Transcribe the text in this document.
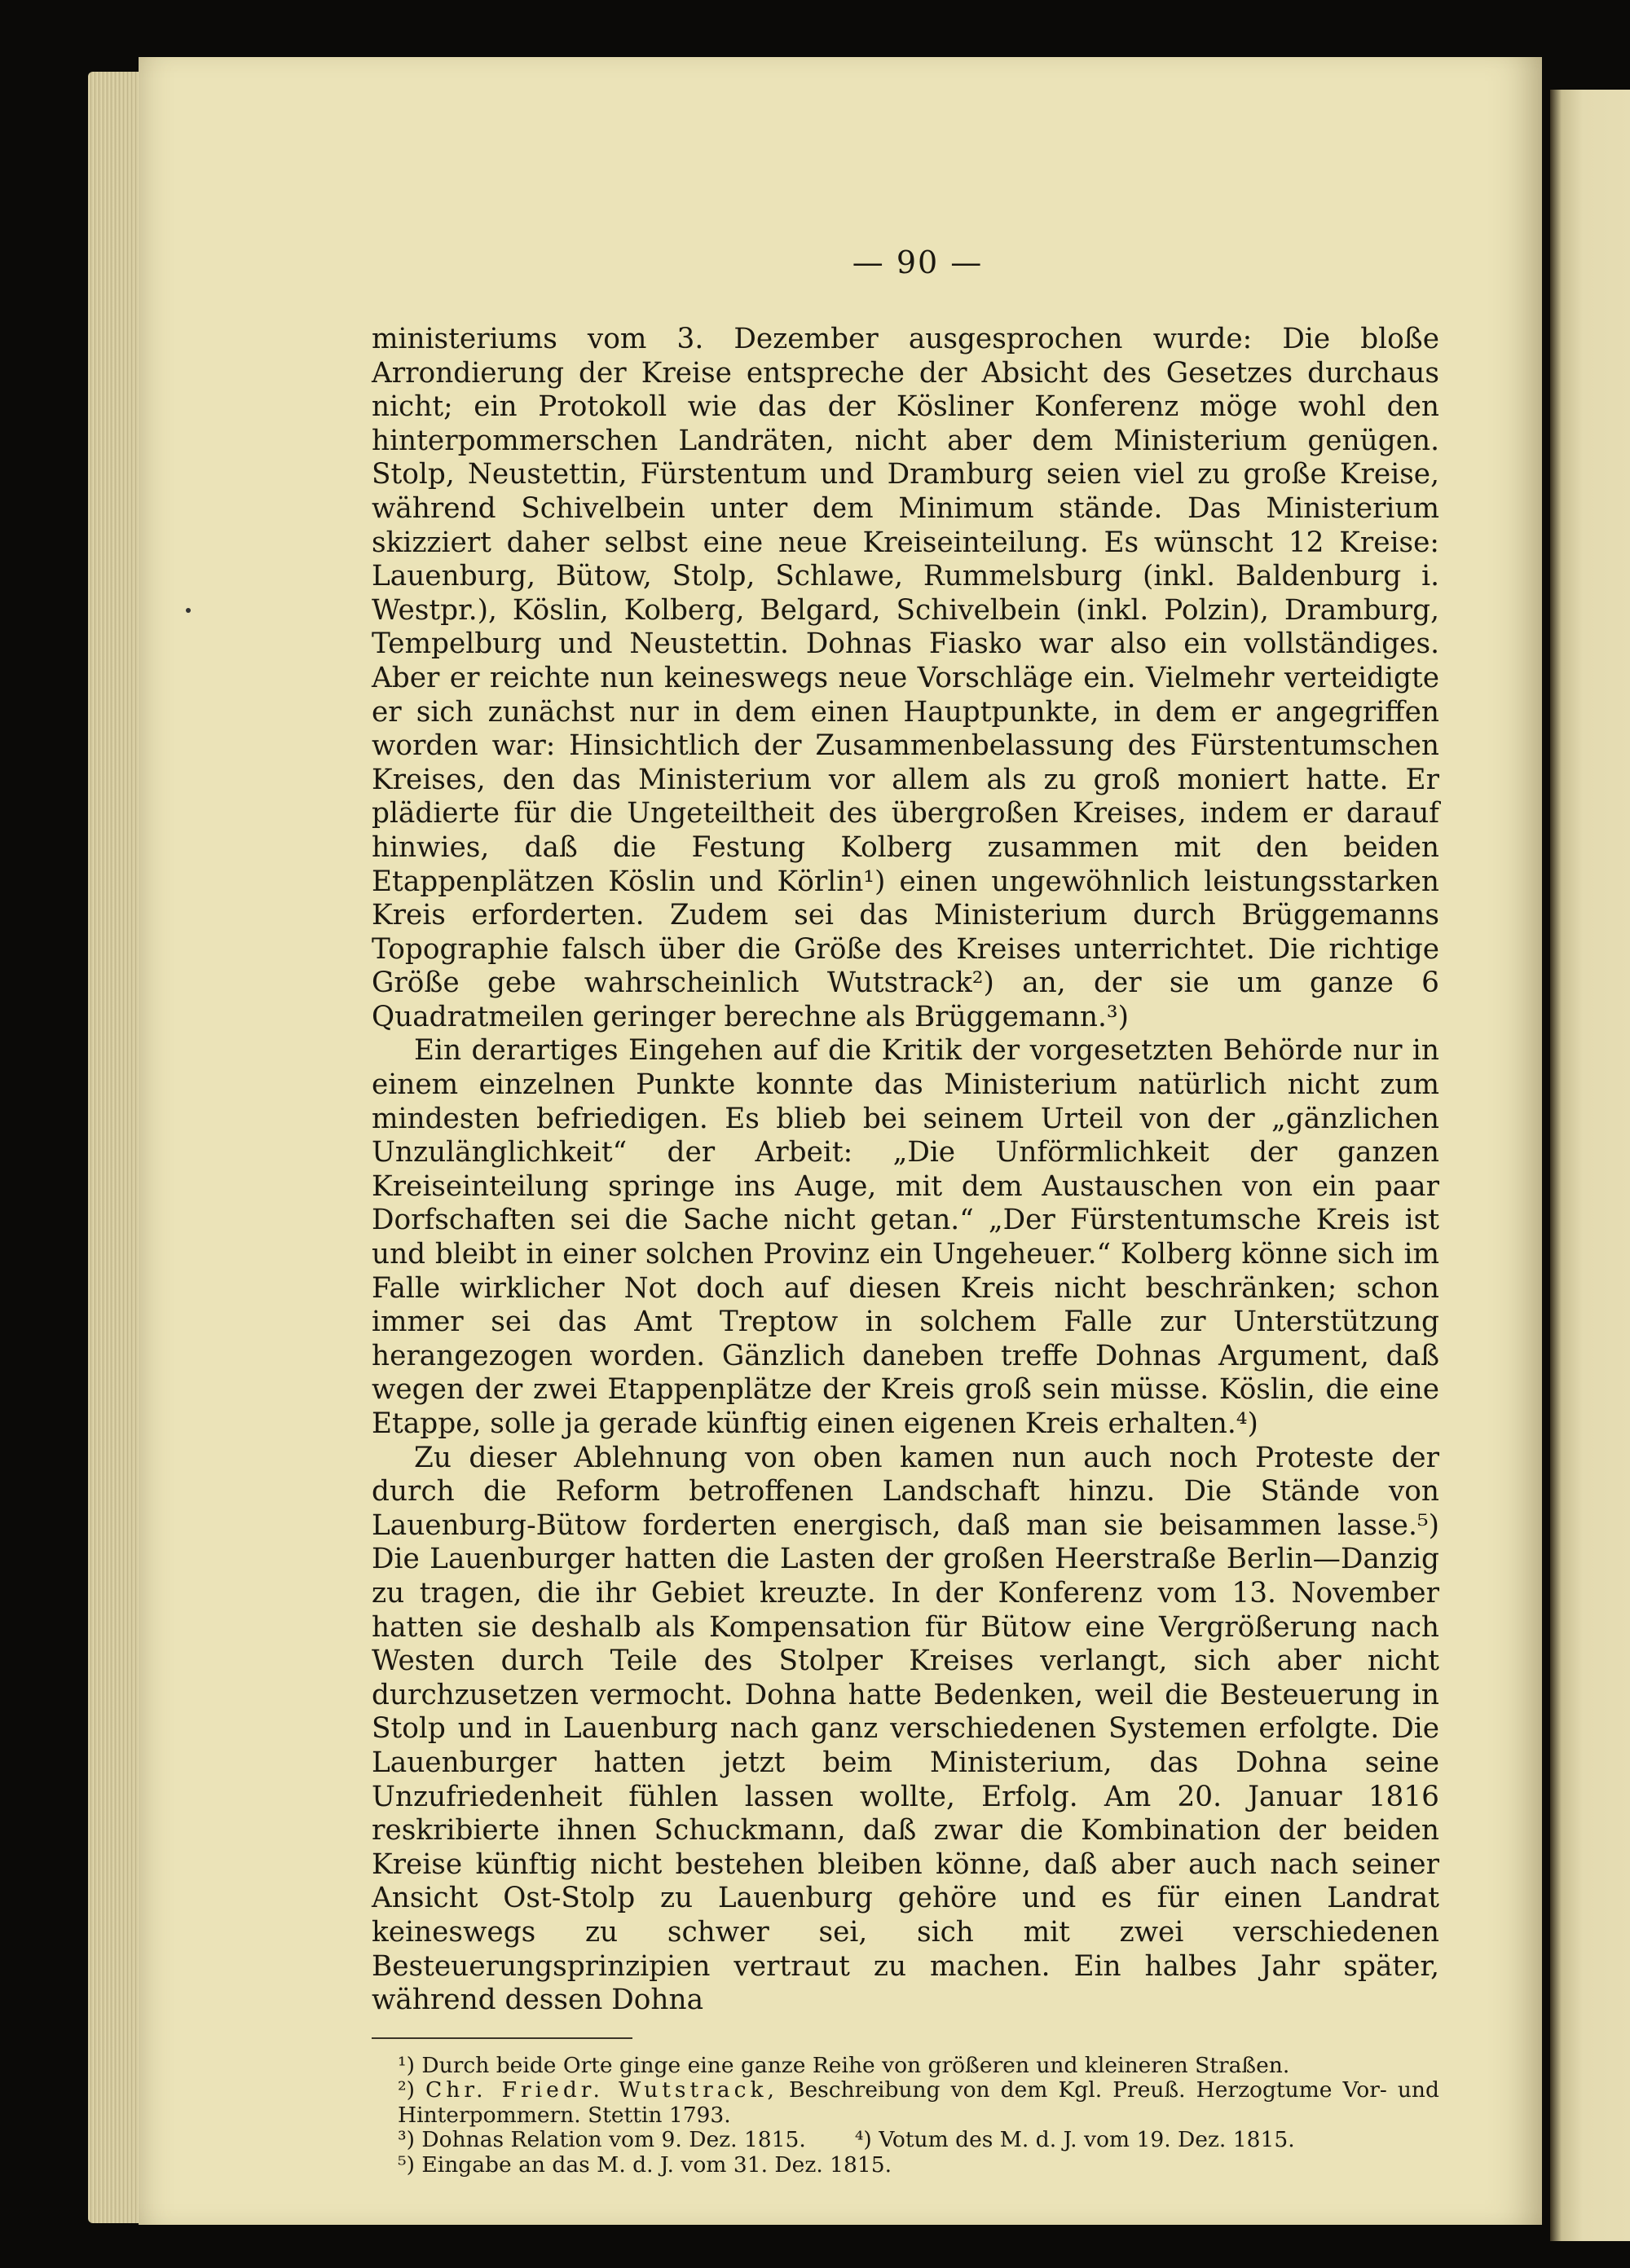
— 90 —

ministeriums vom 3. Dezember ausgesprochen wurde: Die bloße Arrondierung der Kreise entspreche der Absicht des Gesetzes durchaus nicht; ein Protokoll wie das der Kösliner Konferenz möge wohl den hinterpommerschen Landräten, nicht aber dem Ministerium genügen. Stolp, Neustettin, Fürstentum und Dramburg seien viel zu große Kreise, während Schivelbein unter dem Minimum stände. Das Ministerium skizziert daher selbst eine neue Kreiseinteilung. Es wünscht 12 Kreise: Lauenburg, Bütow, Stolp, Schlawe, Rummelsburg (inkl. Baldenburg i. Westpr.), Köslin, Kolberg, Belgard, Schivelbein (inkl. Polzin), Dramburg, Tempelburg und Neustettin. Dohnas Fiasko war also ein vollständiges. Aber er reichte nun keineswegs neue Vorschläge ein. Vielmehr verteidigte er sich zunächst nur in dem einen Hauptpunkte, in dem er angegriffen worden war: Hinsichtlich der Zusammenbelassung des Fürstentumschen Kreises, den das Ministerium vor allem als zu groß moniert hatte. Er plädierte für die Ungeteiltheit des übergroßen Kreises, indem er darauf hinwies, daß die Festung Kolberg zusammen mit den beiden Etappenplätzen Köslin und Körlin¹) einen ungewöhnlich leistungsstarken Kreis erforderten. Zudem sei das Ministerium durch Brüggemanns Topographie falsch über die Größe des Kreises unterrichtet. Die richtige Größe gebe wahrscheinlich Wutstrack²) an, der sie um ganze 6 Quadratmeilen geringer berechne als Brüggemann.³)

Ein derartiges Eingehen auf die Kritik der vorgesetzten Behörde nur in einem einzelnen Punkte konnte das Ministerium natürlich nicht zum mindesten befriedigen. Es blieb bei seinem Urteil von der „gänzlichen Unzulänglichkeit“ der Arbeit: „Die Unförmlichkeit der ganzen Kreiseinteilung springe ins Auge, mit dem Austauschen von ein paar Dorfschaften sei die Sache nicht getan.“ „Der Fürstentumsche Kreis ist und bleibt in einer solchen Provinz ein Ungeheuer.“ Kolberg könne sich im Falle wirklicher Not doch auf diesen Kreis nicht beschränken; schon immer sei das Amt Treptow in solchem Falle zur Unterstützung herangezogen worden. Gänzlich daneben treffe Dohnas Argument, daß wegen der zwei Etappenplätze der Kreis groß sein müsse. Köslin, die eine Etappe, solle ja gerade künftig einen eigenen Kreis erhalten.⁴)

Zu dieser Ablehnung von oben kamen nun auch noch Proteste der durch die Reform betroffenen Landschaft hinzu. Die Stände von Lauenburg-Bütow forderten energisch, daß man sie beisammen lasse.⁵) Die Lauenburger hatten die Lasten der großen Heerstraße Berlin—Danzig zu tragen, die ihr Gebiet kreuzte. In der Konferenz vom 13. November hatten sie deshalb als Kompensation für Bütow eine Vergrößerung nach Westen durch Teile des Stolper Kreises verlangt, sich aber nicht durchzusetzen vermocht. Dohna hatte Bedenken, weil die Besteuerung in Stolp und in Lauenburg nach ganz verschiedenen Systemen erfolgte. Die Lauenburger hatten jetzt beim Ministerium, das Dohna seine Unzufriedenheit fühlen lassen wollte, Erfolg. Am 20. Januar 1816 reskribierte ihnen Schuckmann, daß zwar die Kombination der beiden Kreise künftig nicht bestehen bleiben könne, daß aber auch nach seiner Ansicht Ost-Stolp zu Lauenburg gehöre und es für einen Landrat keineswegs zu schwer sei, sich mit zwei verschiedenen Besteuerungsprinzipien vertraut zu machen. Ein halbes Jahr später, während dessen Dohna

¹) Durch beide Orte ginge eine ganze Reihe von größeren und kleineren Straßen.

²) Chr. Friedr. Wutstrack, Beschreibung von dem Kgl. Preuß. Herzogtume Vor- und Hinterpommern. Stettin 1793.

³) Dohnas Relation vom 9. Dez. 1815. ⁴) Votum des M. d. J. vom 19. Dez. 1815.

⁵) Eingabe an das M. d. J. vom 31. Dez. 1815.
